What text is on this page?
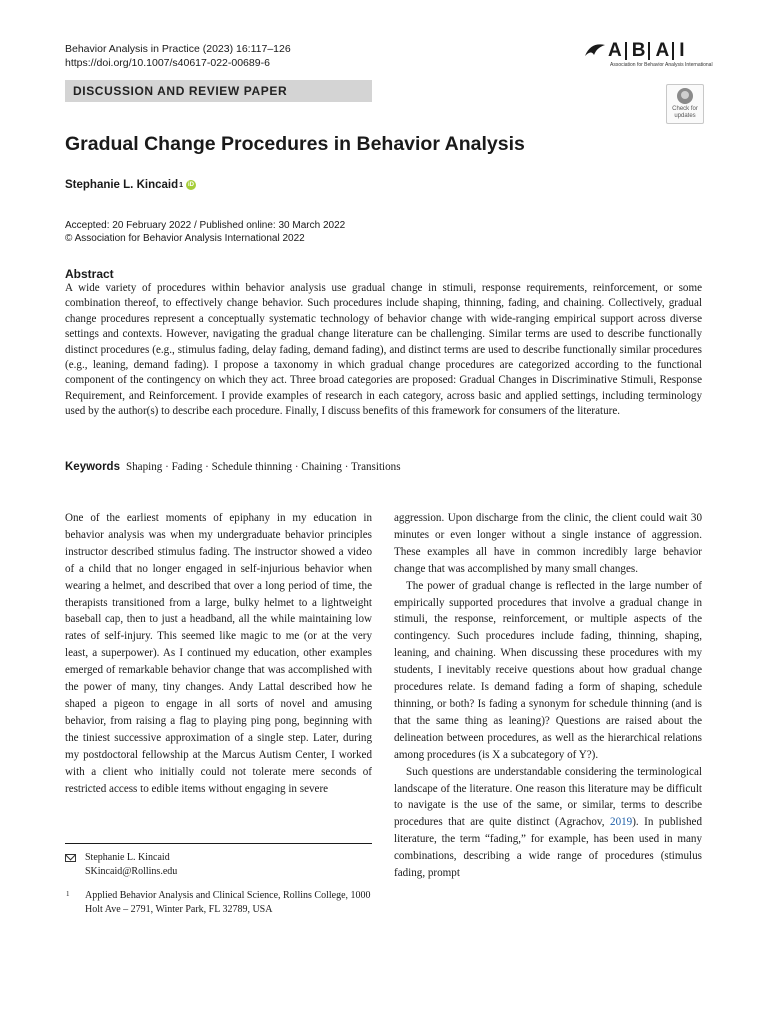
Behavior Analysis in Practice (2023) 16:117–126
https://doi.org/10.1007/s40617-022-00689-6
A B A I
Association for Behavior Analysis International
DISCUSSION AND REVIEW PAPER
Check for updates
Gradual Change Procedures in Behavior Analysis
Stephanie L. Kincaid 1 iD
Accepted: 20 February 2022 / Published online: 30 March 2022
© Association for Behavior Analysis International 2022
Abstract
A wide variety of procedures within behavior analysis use gradual change in stimuli, response requirements, reinforcement, or some combination thereof, to effectively change behavior. Such procedures include shaping, thinning, fading, and chaining. Collectively, gradual change procedures represent a conceptually systematic technology of behavior change with wide-ranging empirical support across diverse settings and contexts. However, navigating the gradual change literature can be challenging. Similar terms are used to describe functionally distinct procedures (e.g., stimulus fading, delay fading, demand fading), and distinct terms are used to describe functionally similar procedures (e.g., leaning, demand fading). I propose a taxonomy in which gradual change procedures are categorized according to the functional component of the contingency on which they act. Three broad categories are proposed: Gradual Changes in Discriminative Stimuli, Response Requirement, and Reinforcement. I provide examples of research in each category, across basic and applied settings, including terminology used by the author(s) to describe each procedure. Finally, I discuss benefits of this framework for consumers of the literature.
Keywords Shaping · Fading · Schedule thinning · Chaining · Transitions

One of the earliest moments of epiphany in my education in behavior analysis was when my undergraduate behavior principles instructor described stimulus fading. The instructor showed a video of a child that no longer engaged in self-injurious behavior when wearing a helmet, and described that over a long period of time, the therapists transitioned from a large, bulky helmet to a lightweight baseball cap, then to just a headband, all the while maintaining low rates of self-injury. This seemed like magic to me (or at the very least, a superpower). As I continued my education, other examples emerged of remarkable behavior change that was accomplished with the power of many, tiny changes. Andy Lattal described how he shaped a pigeon to engage in all sorts of novel and amusing behavior, from raising a flag to playing ping pong, beginning with the tiniest successive approximation of a single step. Later, during my postdoctoral fellowship at the Marcus Autism Center, I worked with a client who initially could not tolerate mere seconds of restricted access to edible items without engaging in severe

aggression. Upon discharge from the clinic, the client could wait 30 minutes or even longer without a single instance of aggression. These examples all have in common incredibly large behavior change that was accomplished by many small changes.

The power of gradual change is reflected in the large number of empirically supported procedures that involve a gradual change in stimuli, the response, reinforcement, or multiple aspects of the contingency. Such procedures include fading, thinning, shaping, leaning, and chaining. When discussing these procedures with my students, I inevitably receive questions about how gradual change procedures relate. Is demand fading a form of shaping, schedule thinning, or both? Is fading a synonym for schedule thinning (and is that the same thing as leaning)? Questions are raised about the delineation between procedures, as well as the hierarchical relations among procedures (is X a subcategory of Y?).

Such questions are understandable considering the terminological landscape of the literature. One reason this literature may be difficult to navigate is the use of the same, or similar, terms to describe procedures that are quite distinct (Agrachov, 2019). In published literature, the term “fading,” for example, has been used in many combinations, describing a wide range of procedures (stimulus fading, prompt

Stephanie L. Kincaid
SKincaid@Rollins.edu
1 Applied Behavior Analysis and Clinical Science, Rollins College, 1000 Holt Ave – 2791, Winter Park, FL 32789, USA
